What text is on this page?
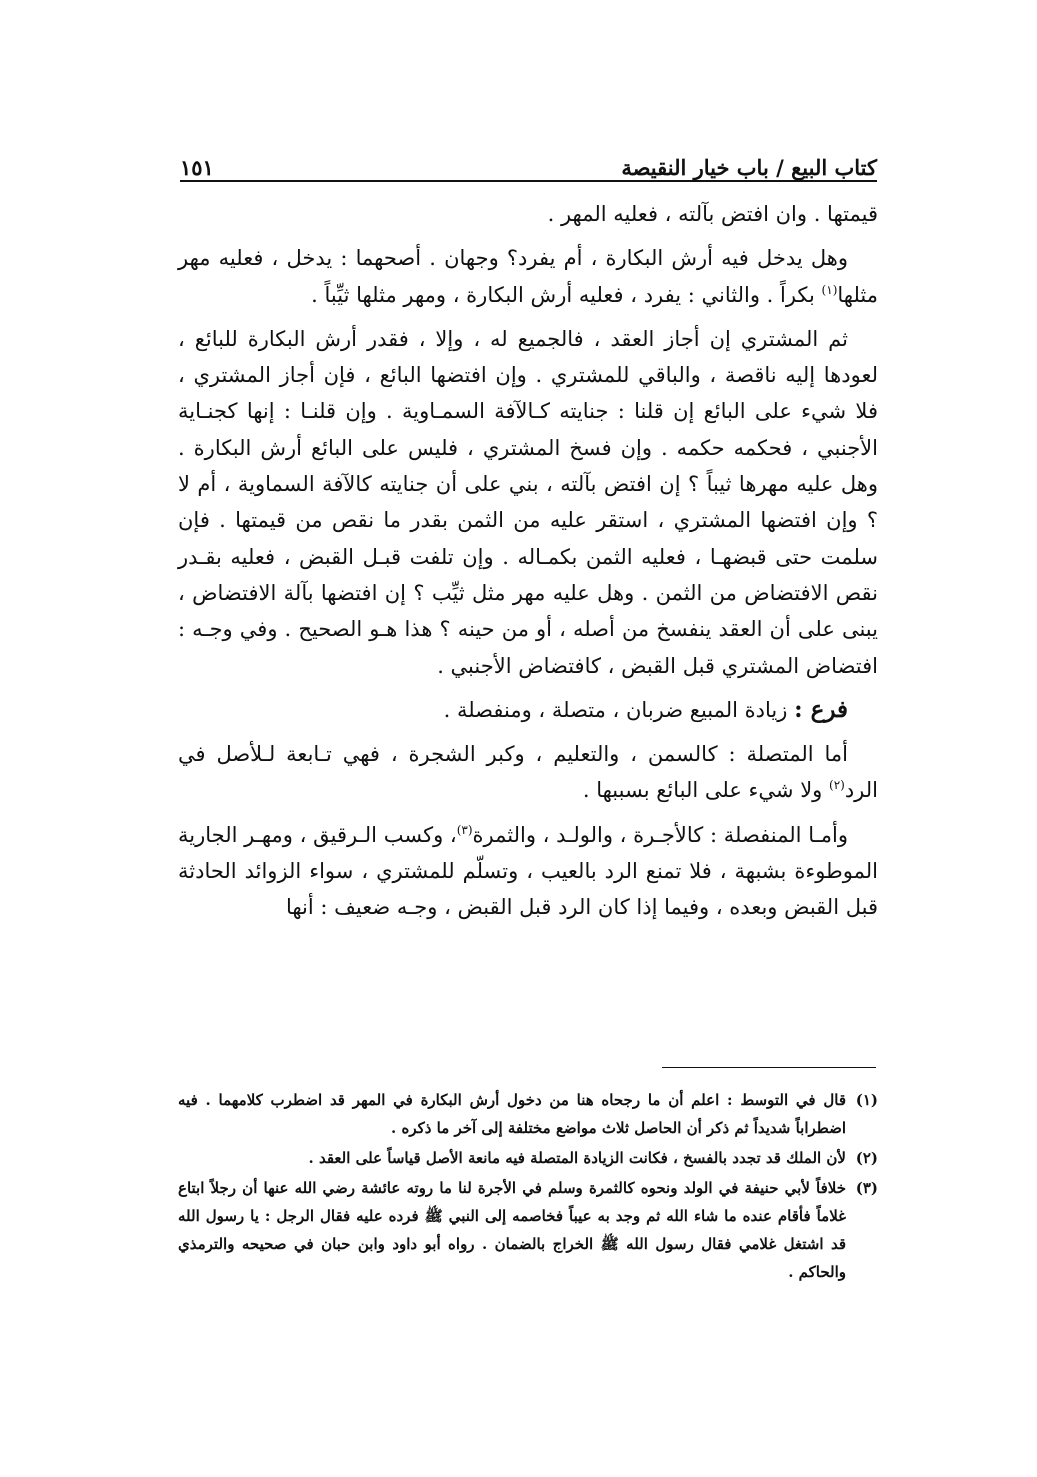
كتاب البيع / باب خيار النقيصة
١٥١

قيمتها . وان افتض بآلته ، فعليه المهر .

وهل يدخل فيه أرش البكارة ، أم يفرد؟ وجهان . أصحهما : يدخل ، فعليه مهر مثلها$^{(١)}$ بكراً . والثاني : يفرد ، فعليه أرش البكارة ، ومهر مثلها ثيِّباً .

ثم المشتري إن أجاز العقد ، فالجميع له ، وإلا ، فقدر أرش البكارة للبائع ، لعودها إليه ناقصة ، والباقي للمشتري . وإن افتضها البائع ، فإن أجاز المشتري ، فلا شيء على البائع إن قلنا : جنايته كـالآفة السمـاوية . وإن قلنـا : إنها كجنـاية الأجنبي ، فحكمه حكمه . وإن فسخ المشتري ، فليس على البائع أرش البكارة . وهل عليه مهرها ثيباً ؟ إن افتض بآلته ، بني على أن جنايته كالآفة السماوية ، أم لا ؟ وإن افتضها المشتري ، استقر عليه من الثمن بقدر ما نقص من قيمتها . فإن سلمت حتى قبضهـا ، فعليه الثمن بكمـاله . وإن تلفت قبـل القبض ، فعليه بقـدر نقص الافتضاض من الثمن . وهل عليه مهر مثل ثيِّب ؟ إن افتضها بآلة الافتضاض ، يبنى على أن العقد ينفسخ من أصله ، أو من حينه ؟ هذا هـو الصحيح . وفي وجـه : افتضاض المشتري قبل القبض ، كافتضاض الأجنبي .

فرع : زيادة المبيع ضربان ، متصلة ، ومنفصلة .

أما المتصلة : كالسمن ، والتعليم ، وكبر الشجرة ، فهي تـابعة لـلأصل في الرد$^{(٢)}$ ولا شيء على البائع بسببها .

وأمـا المنفصلة : كالأجـرة ، والولـد ، والثمرة$^{(٣)}$، وكسب الـرقيق ، ومهـر الجارية الموطوءة بشبهة ، فلا تمنع الرد بالعيب ، وتسلّم للمشتري ، سواء الزوائد الحادثة قبل القبض وبعده ، وفيما إذا كان الرد قبل القبض ، وجـه ضعيف : أنها

(١)
قال في التوسط : اعلم أن ما رجحاه هنا من دخول أرش البكارة في المهر قد اضطرب كلامهما . فيه اضطراباً شديداً ثم ذكر أن الحاصل ثلاث مواضع مختلفة إلى آخر ما ذكره .
(٢)
لأن الملك قد تجدد بالفسخ ، فكانت الزيادة المتصلة فيه مانعة الأصل قياساً على العقد .
(٣)
خلافاً لأبي حنيفة في الولد ونحوه كالثمرة وسلم في الأجرة لنا ما روته عائشة رضي الله عنها أن رجلاً ابتاع غلاماً فأقام عنده ما شاء الله ثم وجد به عيباً فخاصمه إلى النبي ﷺ فرده عليه فقال الرجل : يا رسول الله قد اشتغل غلامي فقال رسول الله ﷺ الخراج بالضمان . رواه أبو داود وابن حبان في صحيحه والترمذي والحاكم .
